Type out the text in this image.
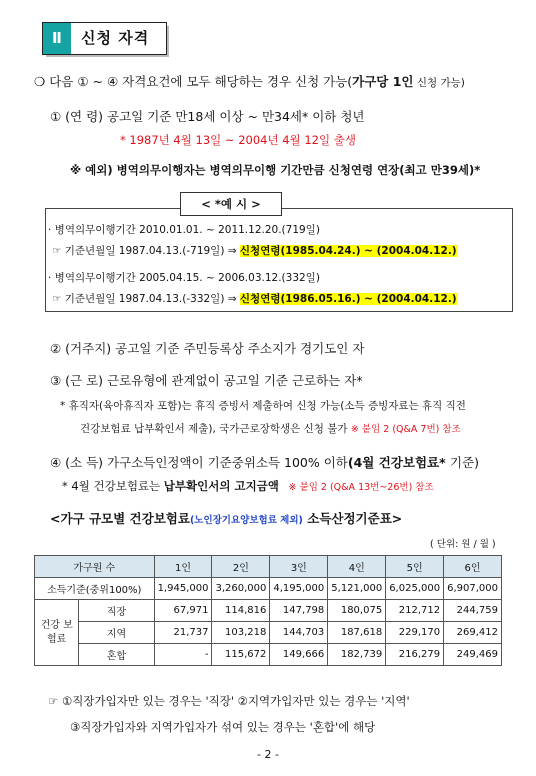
Ⅱ	신청 자격
❍ 다음 ① ~ ④ 자격요건에 모두 해당하는 경우 신청 가능(가구당 1인 신청 가능)
① (연 령) 공고일 기준 만18세 이상 ~ 만34세* 이하 청년
* 1987년 4월 13일 ~ 2004년 4월 12일 출생
※ 예외) 병역의무이행자는 병역의무이행 기간만큼 신청연령 연장(최고 만39세)*
< *예 시 >
· 병역의무이행기간 2010.01.01. ~ 2011.12.20.(719일)
☞ 기준년월일 1987.04.13.(-719일) ⇒ 신청연령(1985.04.24.) ~ (2004.04.12.)
· 병역의무이행기간 2005.04.15. ~ 2006.03.12.(332일)
☞ 기준년월일 1987.04.13.(-332일) ⇒ 신청연령(1986.05.16.) ~ (2004.04.12.)
② (거주지) 공고일 기준 주민등록상 주소지가 경기도인 자
③ (근 로) 근로유형에 관계없이 공고일 기준 근로하는 자*
* 휴직자(육아휴직자 포함)는 휴직 증빙서 제출하여 신청 가능(소득 증빙자료는 휴직 직전
건강보험료 납부확인서 제출), 국가근로장학생은 신청 불가 ※ 붙임 2 (Q&A 7번) 참조
④ (소 득) 가구소득인정액이 기준중위소득 100% 이하(4월 건강보험료* 기준)
* 4월 건강보험료는 납부확인서의 고지금액 ※ 붙임 2 (Q&A 13번~26번) 참조
<가구 규모별 건강보험료(노인장기요양보험료 제외) 소득산정기준표>
( 단위: 원 / 월 )
가구원 수		1인	2인	3인	4인	5인	6인
소득기준(중위100%)		1,945,000	3,260,000	4,195,000	5,121,000	6,025,000	6,907,000
건강 보험료	직장	67,971	114,816	147,798	180,075	212,712	244,759
	지역	21,737	103,218	144,703	187,618	229,170	269,412
	혼합	-	115,672	149,666	182,739	216,279	249,469
☞ ①직장가입자만 있는 경우는 '직장' ②지역가입자만 있는 경우는 '지역'
③직장가입자와 지역가입자가 섞여 있는 경우는 '혼합'에 해당
- 2 -
